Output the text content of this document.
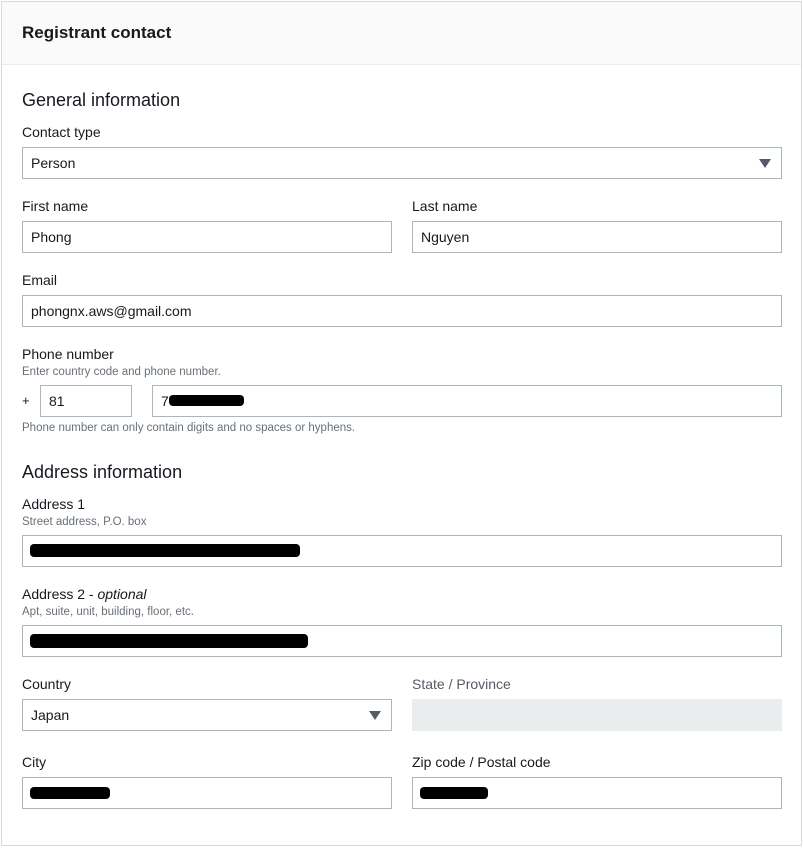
Registrant contact
General information
Contact type
Person
First name
Phong
Last name
Nguyen
Email
phongnx.aws@gmail.com
Phone number
Enter country code and phone number.
+ 81	7
Phone number can only contain digits and no spaces or hyphens.
Address information
Address 1
Street address, P.O. box
Address 2 - optional
Apt, suite, unit, building, floor, etc.
Country
Japan
State / Province
City	Zip code / Postal code
